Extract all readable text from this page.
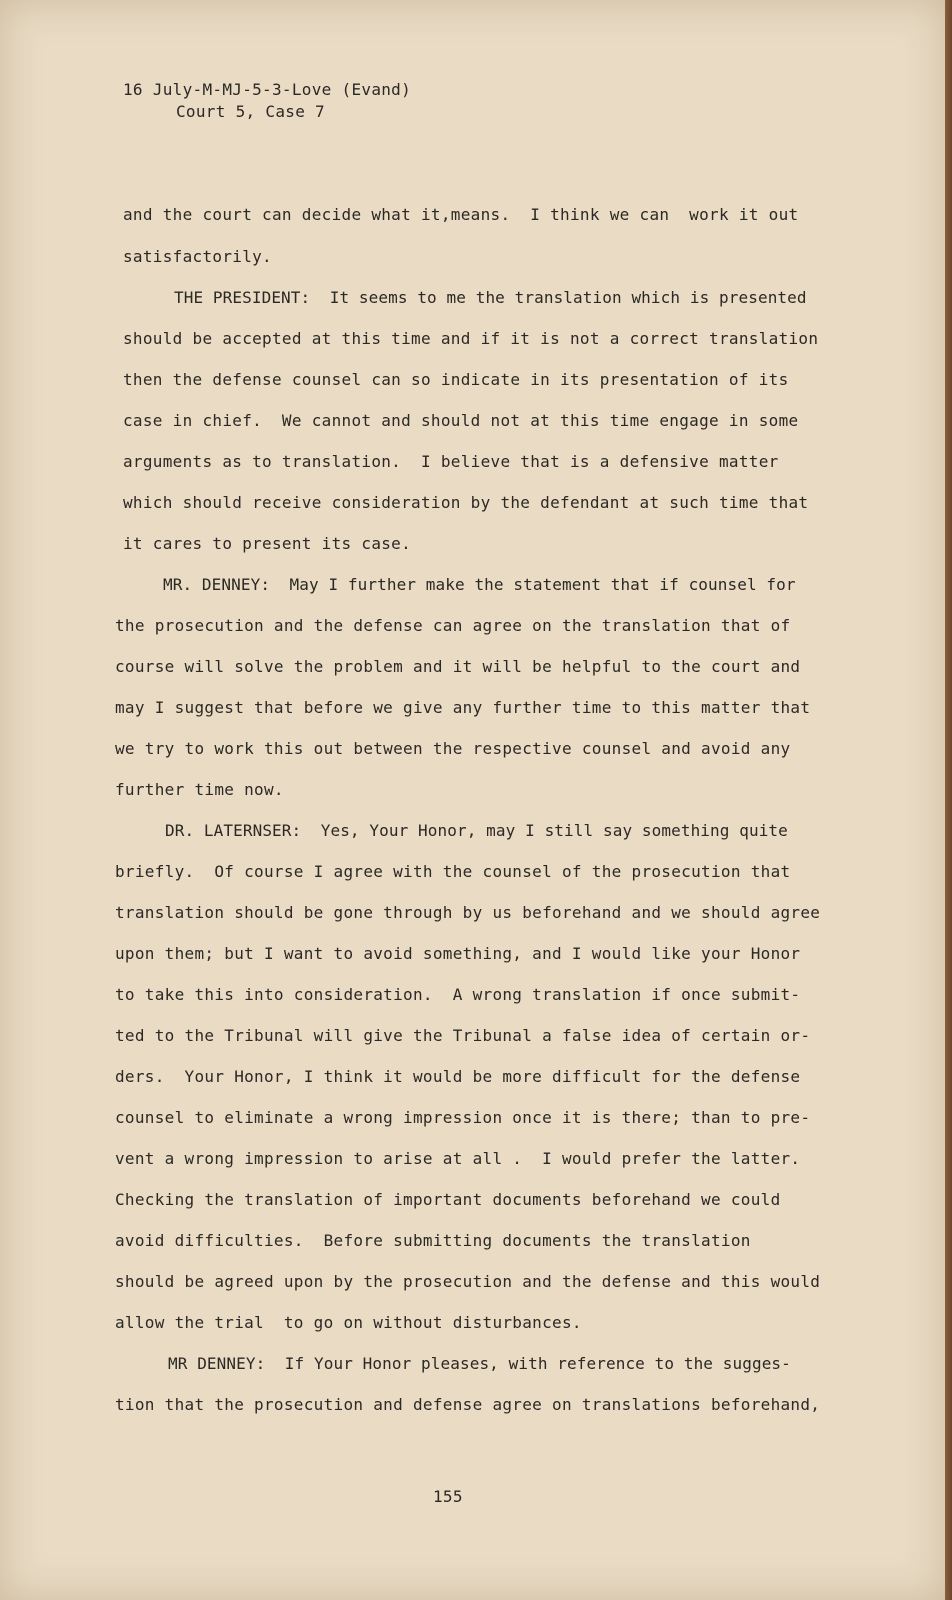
16 July-M-MJ-5-3-Love (Evand)
Court 5, Case 7
and the court can decide what it,means.  I think we can  work it out
satisfactorily.
THE PRESIDENT:  It seems to me the translation which is presented
should be accepted at this time and if it is not a correct translation
then the defense counsel can so indicate in its presentation of its
case in chief.  We cannot and should not at this time engage in some
arguments as to translation.  I believe that is a defensive matter
which should receive consideration by the defendant at such time that
it cares to present its case.
MR. DENNEY:  May I further make the statement that if counsel for
the prosecution and the defense can agree on the translation that of
course will solve the problem and it will be helpful to the court and
may I suggest that before we give any further time to this matter that
we try to work this out between the respective counsel and avoid any
further time now.
DR. LATERNSER:  Yes, Your Honor, may I still say something quite
briefly.  Of course I agree with the counsel of the prosecution that
translation should be gone through by us beforehand and we should agree
upon them; but I want to avoid something, and I would like your Honor
to take this into consideration.  A wrong translation if once submit-
ted to the Tribunal will give the Tribunal a false idea of certain or-
ders.  Your Honor, I think it would be more difficult for the defense
counsel to eliminate a wrong impression once it is there; than to pre-
vent a wrong impression to arise at all .  I would prefer the latter.
Checking the translation of important documents beforehand we could
avoid difficulties.  Before submitting documents the translation
should be agreed upon by the prosecution and the defense and this would
allow the trial  to go on without disturbances.
MR DENNEY:  If Your Honor pleases, with reference to the sugges-
tion that the prosecution and defense agree on translations beforehand,
155
